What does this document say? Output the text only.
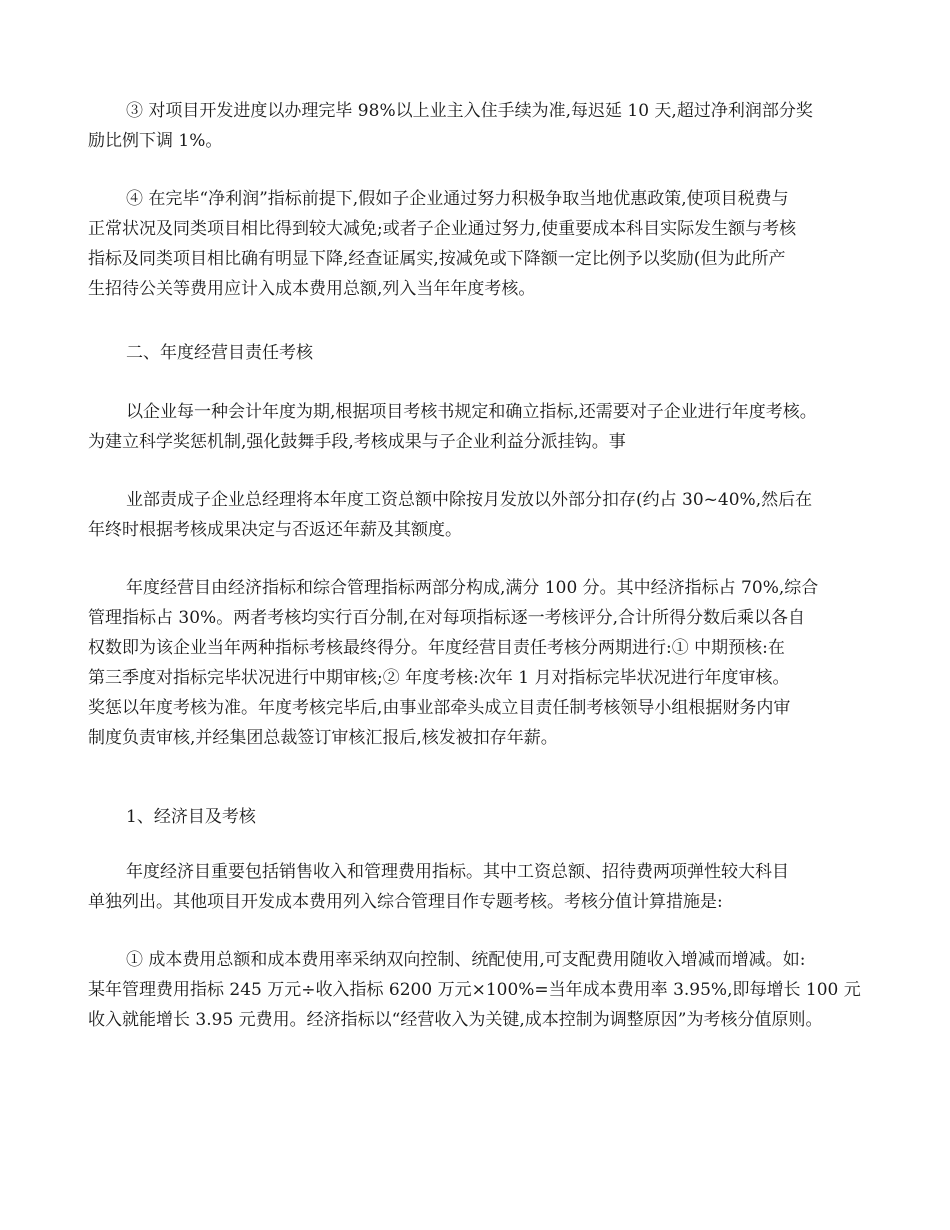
③ 对项目开发进度以办理完毕 98%以上业主入住手续为准,每迟延 10 天,超过净利润部分奖
励比例下调 1%。
④ 在完毕“净利润”指标前提下,假如子企业通过努力积极争取当地优惠政策,使项目税费与
正常状况及同类项目相比得到较大减免;或者子企业通过努力,使重要成本科目实际发生额与考核
指标及同类项目相比确有明显下降,经查证属实,按减免或下降额一定比例予以奖励(但为此所产
生招待公关等费用应计入成本费用总额,列入当年年度考核。
二、年度经营目责任考核
以企业每一种会计年度为期,根据项目考核书规定和确立指标,还需要对子企业进行年度考核。
为建立科学奖惩机制,强化鼓舞手段,考核成果与子企业利益分派挂钩。事
业部责成子企业总经理将本年度工资总额中除按月发放以外部分扣存(约占 30~40%,然后在
年终时根据考核成果决定与否返还年薪及其额度。
年度经营目由经济指标和综合管理指标两部分构成,满分 100 分。其中经济指标占 70%,综合
管理指标占 30%。两者考核均实行百分制,在对每项指标逐一考核评分,合计所得分数后乘以各自
权数即为该企业当年两种指标考核最终得分。年度经营目责任考核分两期进行:① 中期预核:在
第三季度对指标完毕状况进行中期审核;② 年度考核:次年 1 月对指标完毕状况进行年度审核。
奖惩以年度考核为准。年度考核完毕后,由事业部牵头成立目责任制考核领导小组根据财务内审
制度负责审核,并经集团总裁签订审核汇报后,核发被扣存年薪。
1、经济目及考核
年度经济目重要包括销售收入和管理费用指标。其中工资总额、招待费两项弹性较大科目
单独列出。其他项目开发成本费用列入综合管理目作专题考核。考核分值计算措施是:
① 成本费用总额和成本费用率采纳双向控制、统配使用,可支配费用随收入增减而增减。如:
某年管理费用指标 245 万元÷收入指标 6200 万元×100%=当年成本费用率 3.95%,即每增长 100 元
收入就能增长 3.95 元费用。经济指标以“经营收入为关键,成本控制为调整原因”为考核分值原则。
